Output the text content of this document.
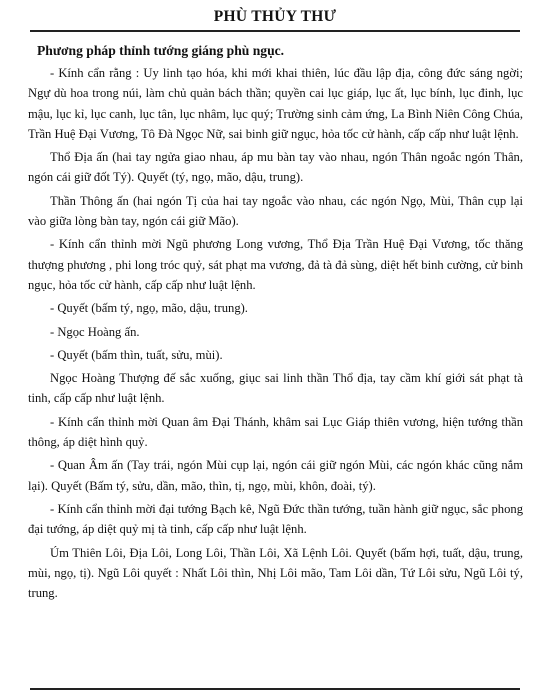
PHÙ THỦY THƯ
Phương pháp thỉnh tướng giáng phù ngục.

- Kính cẩn rằng : Uy linh tạo hóa, khi mới khai thiên, lúc đầu lập địa, công đức sáng ngời; Ngự dù hoa trong núi, làm chủ quản bách thần; quyền cai lục giáp, lục ất, lục bính, lục đinh, lục mậu, lục kỉ, lục canh, lục tân, lục nhâm, lục quý; Trường sinh cảm ứng, La Bình Niên Công Chúa, Trần Huệ Đại Vương, Tô Đà Ngọc Nữ, sai binh giữ ngục, hỏa tốc cử hành, cấp cấp như luật lệnh.

Thổ Địa ấn (hai tay ngửa giao nhau, áp mu bàn tay vào nhau, ngón Thân ngoắc ngón Thân, ngón cái giữ đốt Tý). Quyết (tý, ngọ, mão, dậu, trung).

Thần Thông ấn (hai ngón Tị của hai tay ngoắc vào nhau, các ngón Ngọ, Mùi, Thân cụp lại vào giữa lòng bàn tay, ngón cái giữ Mão).

- Kính cẩn thỉnh mời Ngũ phương Long vương, Thổ Địa Trần Huệ Đại Vương, tốc thăng thượng phương , phi long tróc quỷ, sát phạt ma vương, đả tà đả sùng, diệt hết binh cường, cử binh ngục, hỏa tốc cử hành, cấp cấp như luật lệnh.

- Quyết (bấm tý, ngọ, mão, dậu, trung).

- Ngọc Hoàng ấn.

- Quyết (bấm thìn, tuất, sửu, mùi).

Ngọc Hoàng Thượng đế sắc xuống, giục sai linh thần Thổ địa, tay cầm khí giới sát phạt tà tinh, cấp cấp như luật lệnh.

- Kính cẩn thỉnh mời Quan âm Đại Thánh, khâm sai Lục Giáp thiên vương, hiện tướng thần thông, áp diệt hình quỷ.

- Quan Âm ấn (Tay trái, ngón Mùi cụp lại, ngón cái giữ ngón Mùi, các ngón khác cũng nắm lại). Quyết (Bấm tý, sửu, dần, mão, thìn, tị, ngọ, mùi, khôn, đoài, tý).

- Kính cẩn thỉnh mời đại tướng Bạch kê, Ngũ Đức thần tướng, tuần hành giữ ngục, sắc phong đại tướng, áp diệt quỷ mị tà tinh, cấp cấp như luật lệnh.

Úm Thiên Lôi, Địa Lôi, Long Lôi, Thần Lôi, Xã Lệnh Lôi. Quyết (bấm hợi, tuất, dậu, trung, mùi, ngọ, tị). Ngũ Lôi quyết : Nhất Lôi thìn, Nhị Lôi mão, Tam Lôi dần, Tứ Lôi sửu, Ngũ Lôi tý, trung.
